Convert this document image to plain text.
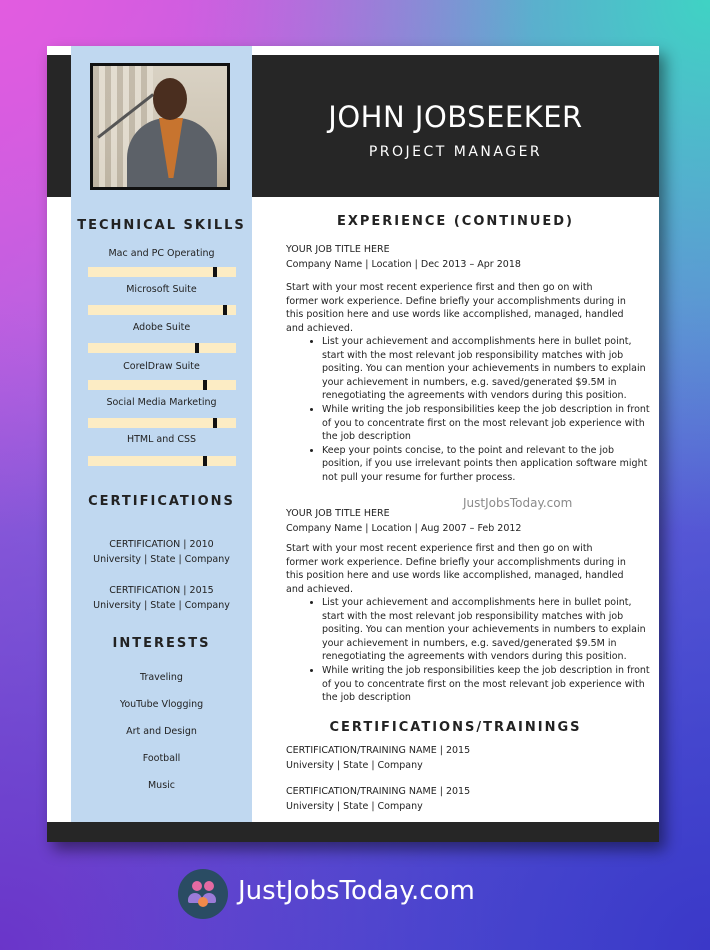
JOHN JOBSEEKER
PROJECT MANAGER
TECHNICAL SKILLS
Mac and PC Operating
Microsoft Suite
Adobe Suite
CorelDraw Suite
Social Media Marketing
HTML and CSS
CERTIFICATIONS
CERTIFICATION | 2010
University | State | Company
CERTIFICATION | 2015
University | State | Company
INTERESTS
Traveling
YouTube Vlogging
Art and Design
Football
Music
EXPERIENCE (CONTINUED)
YOUR JOB TITLE HERE
Company Name | Location | Dec 2013 – Apr 2018

Start with your most recent experience first and then go on with former work experience. Define briefly your accomplishments during in this position here and use words like accomplished, managed, handled and achieved.

• List your achievement and accomplishments here in bullet point, start with the most relevant job responsibility matches with job positing. You can mention your achievements in numbers to explain your achievement in numbers, e.g. saved/generated $9.5M in renegotiating the agreements with vendors during this position.
• While writing the job responsibilities keep the job description in front of you to concentrate first on the most relevant job experience with the job description
• Keep your points concise, to the point and relevant to the job position, if you use irrelevant points then application software might not pull your resume for further process.
JustJobsToday.com
YOUR JOB TITLE HERE
Company Name | Location | Aug 2007 – Feb 2012

Start with your most recent experience first and then go on with former work experience. Define briefly your accomplishments during in this position here and use words like accomplished, managed, handled and achieved.

• List your achievement and accomplishments here in bullet point, start with the most relevant job responsibility matches with job positing. You can mention your achievements in numbers to explain your achievement in numbers, e.g. saved/generated $9.5M in renegotiating the agreements with vendors during this position.
• While writing the job responsibilities keep the job description in front of you to concentrate first on the most relevant job experience with the job description
CERTIFICATIONS/TRAININGS
CERTIFICATION/TRAINING NAME | 2015
University | State | Company
CERTIFICATION/TRAINING NAME | 2015
University | State | Company
JustJobsToday.com
